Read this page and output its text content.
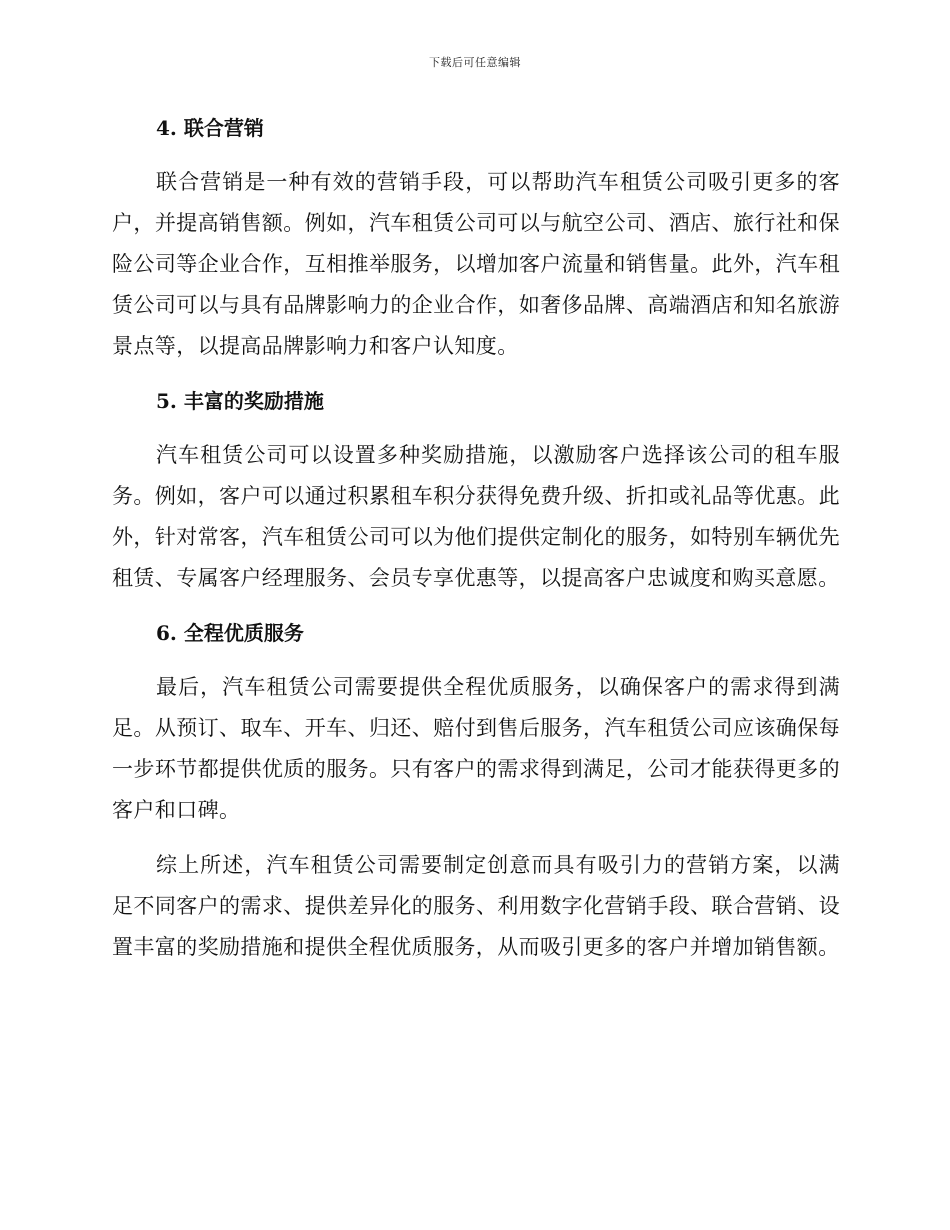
下载后可任意编辑
4. 联合营销

联合营销是一种有效的营销手段，可以帮助汽车租赁公司吸引更多的客户，并提高销售额。例如，汽车租赁公司可以与航空公司、酒店、旅行社和保险公司等企业合作，互相推举服务，以增加客户流量和销售量。此外，汽车租赁公司可以与具有品牌影响力的企业合作，如奢侈品牌、高端酒店和知名旅游景点等，以提高品牌影响力和客户认知度。

5. 丰富的奖励措施

汽车租赁公司可以设置多种奖励措施，以激励客户选择该公司的租车服务。例如，客户可以通过积累租车积分获得免费升级、折扣或礼品等优惠。此外，针对常客，汽车租赁公司可以为他们提供定制化的服务，如特别车辆优先租赁、专属客户经理服务、会员专享优惠等，以提高客户忠诚度和购买意愿。

6. 全程优质服务

最后，汽车租赁公司需要提供全程优质服务，以确保客户的需求得到满足。从预订、取车、开车、归还、赔付到售后服务，汽车租赁公司应该确保每一步环节都提供优质的服务。只有客户的需求得到满足，公司才能获得更多的客户和口碑。

综上所述，汽车租赁公司需要制定创意而具有吸引力的营销方案，以满足不同客户的需求、提供差异化的服务、利用数字化营销手段、联合营销、设置丰富的奖励措施和提供全程优质服务，从而吸引更多的客户并增加销售额。
